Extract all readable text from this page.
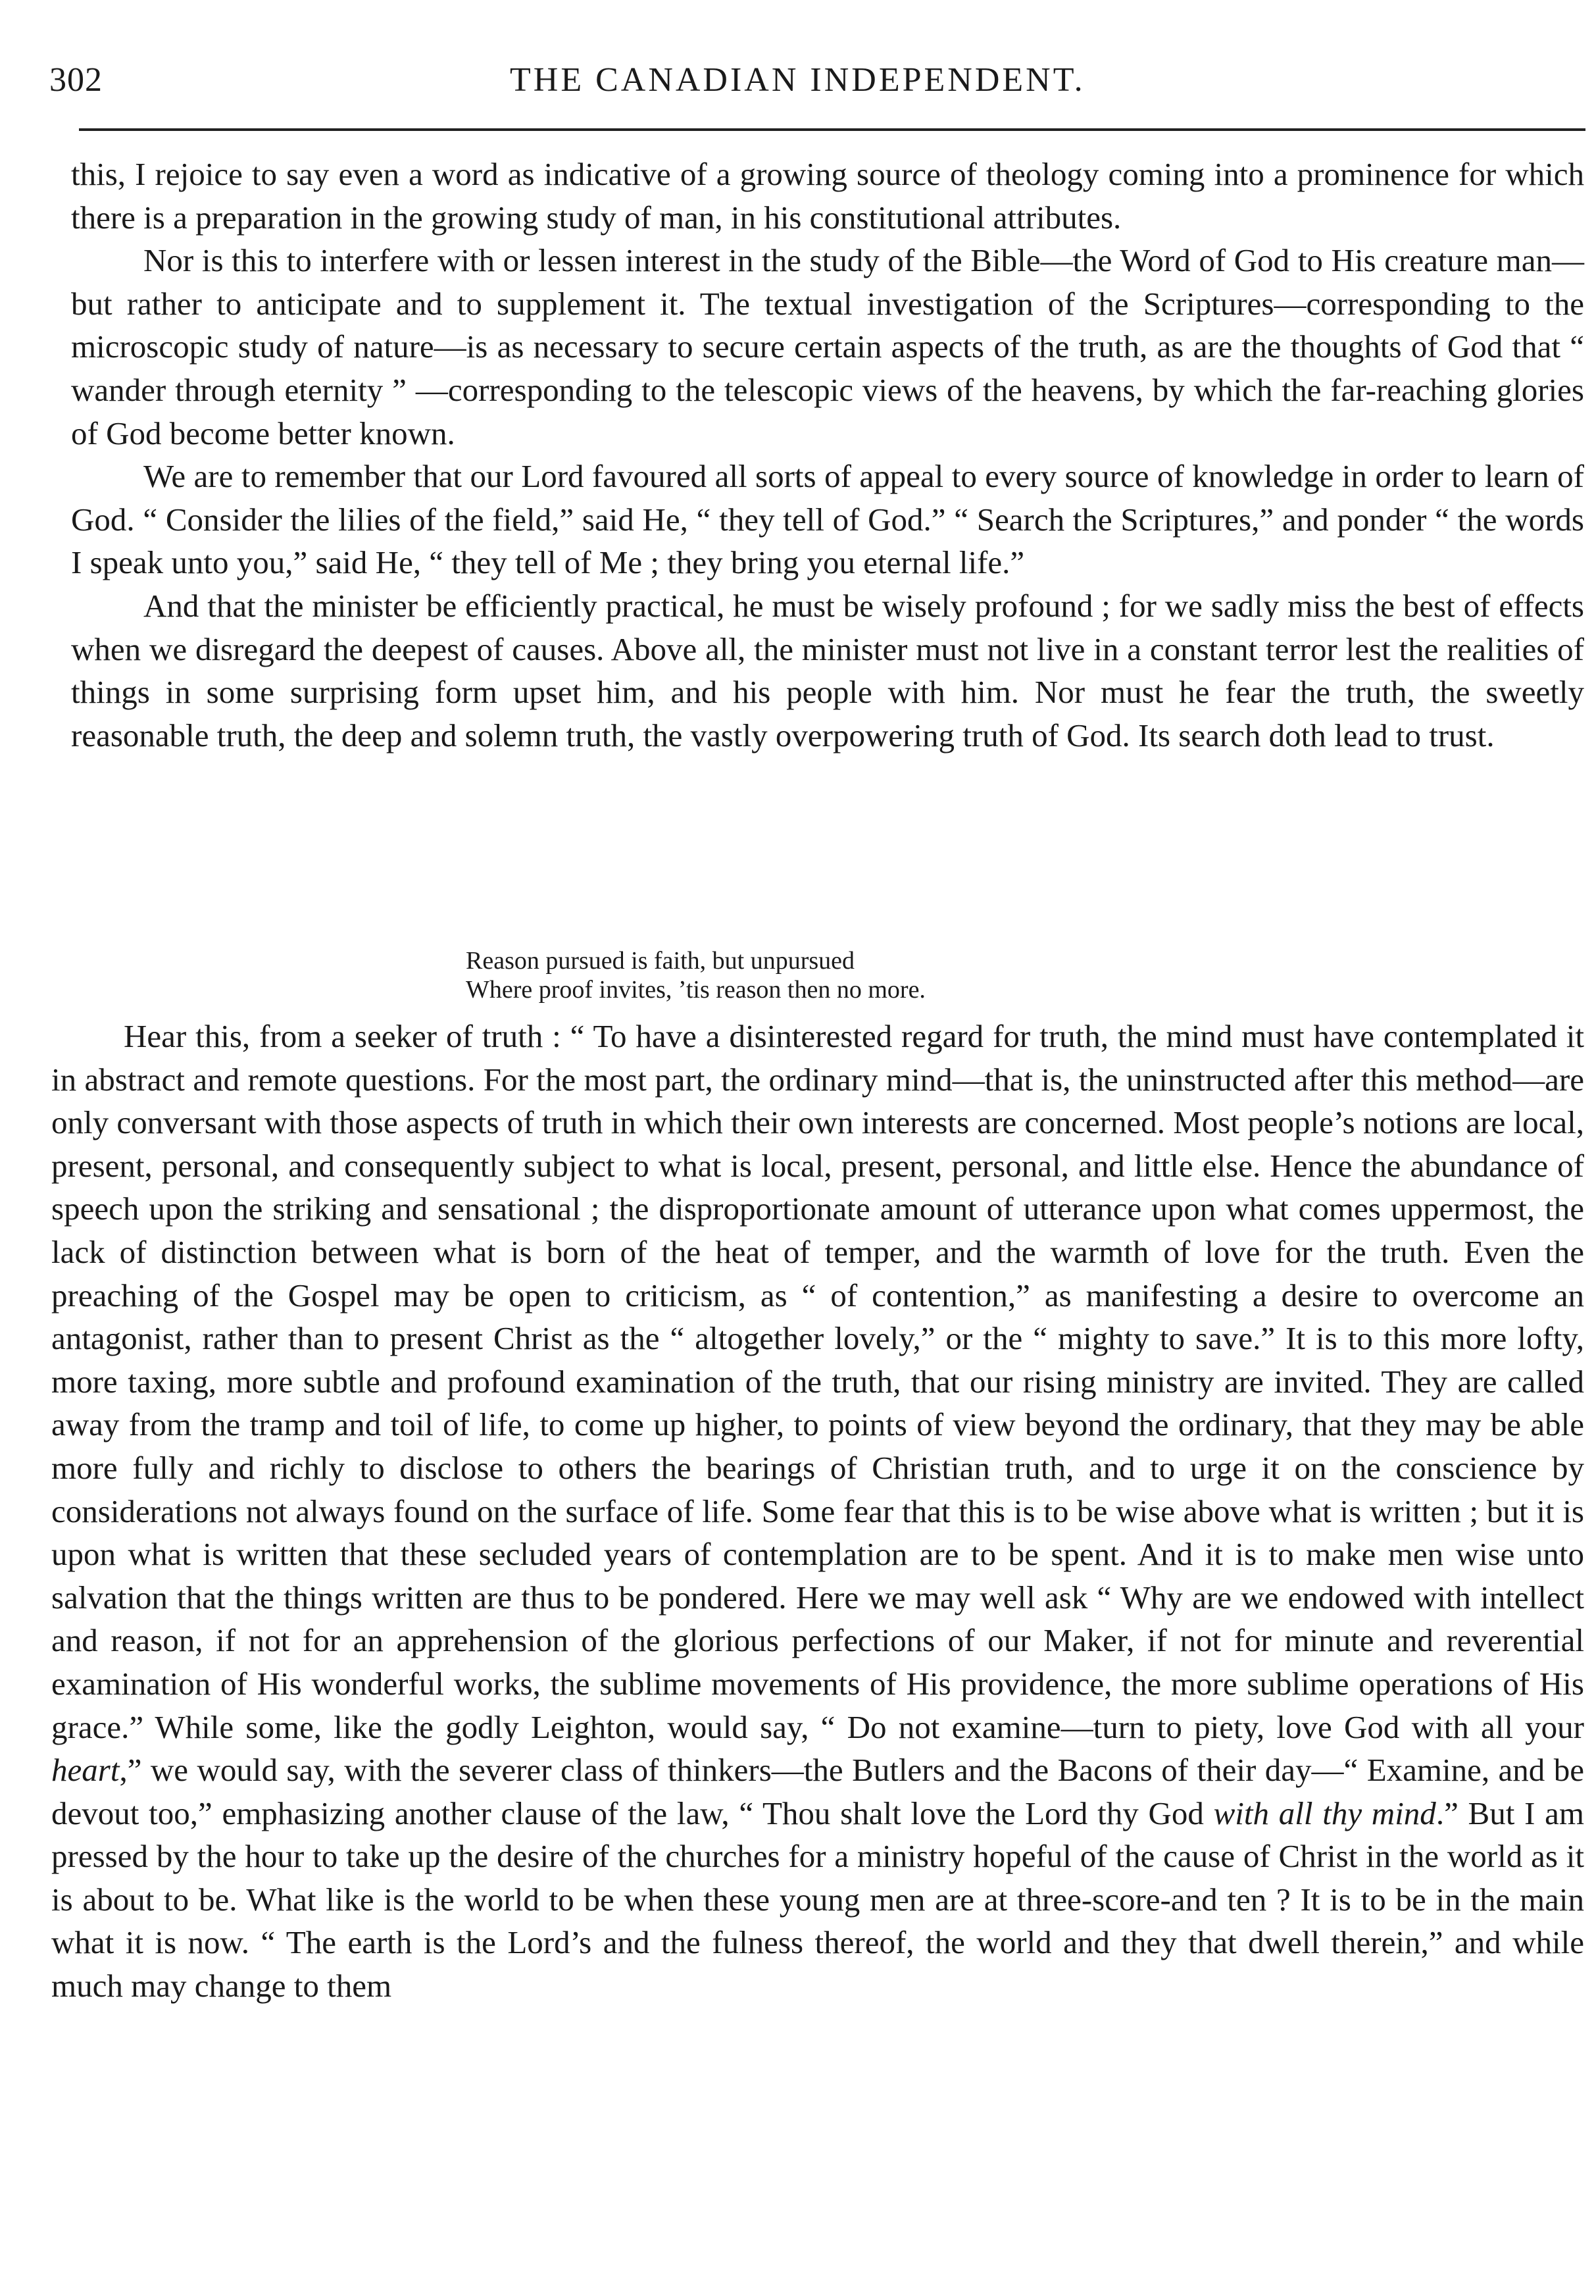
302	THE CANADIAN INDEPENDENT.

this, I rejoice to say even a word as indicative of a growing source of theology coming into a prominence for which there is a preparation in the growing study of man, in his constitutional attributes.

Nor is this to interfere with or lessen interest in the study of the Bible—the Word of God to His creature man—but rather to anticipate and to supplement it. The textual investigation of the Scriptures—corresponding to the microscopic study of nature—is as necessary to secure certain aspects of the truth, as are the thoughts of God that “ wander through eternity ” —corresponding to the telescopic views of the heavens, by which the far-reaching glories of God become better known.

We are to remember that our Lord favoured all sorts of appeal to every source of knowledge in order to learn of God. “ Consider the lilies of the field,” said He, “ they tell of God.” “ Search the Scriptures,” and ponder “ the words I speak unto you,” said He, “ they tell of Me ; they bring you eternal life.”

And that the minister be efficiently practical, he must be wisely profound ; for we sadly miss the best of effects when we disregard the deepest of causes. Above all, the minister must not live in a constant terror lest the realities of things in some surprising form upset him, and his people with him. Nor must he fear the truth, the sweetly reasonable truth, the deep and solemn truth, the vastly overpowering truth of God. Its search doth lead to trust.

Reason pursued is faith, but unpursued
Where proof invites, ’tis reason then no more.

Hear this, from a seeker of truth : “ To have a disinterested regard for truth, the mind must have contemplated it in abstract and remote questions. For the most part, the ordinary mind—that is, the uninstructed after this method—are only conversant with those aspects of truth in which their own interests are concerned. Most people’s notions are local, present, personal, and consequently subject to what is local, present, personal, and little else. Hence the abundance of speech upon the striking and sensational ; the disproportionate amount of utterance upon what comes uppermost, the lack of distinction between what is born of the heat of temper, and the warmth of love for the truth. Even the preaching of the Gospel may be open to criticism, as “ of contention,” as manifesting a desire to overcome an antagonist, rather than to present Christ as the “ altogether lovely,” or the “ mighty to save.” It is to this more lofty, more taxing, more subtle and profound examination of the truth, that our rising ministry are invited. They are called away from the tramp and toil of life, to come up higher, to points of view beyond the ordinary, that they may be able more fully and richly to disclose to others the bearings of Christian truth, and to urge it on the conscience by considerations not always found on the surface of life. Some fear that this is to be wise above what is written ; but it is upon what is written that these secluded years of contemplation are to be spent. And it is to make men wise unto salvation that the things written are thus to be pondered. Here we may well ask “ Why are we endowed with intellect and reason, if not for an apprehension of the glorious perfections of our Maker, if not for minute and reverential examination of His wonderful works, the sublime movements of His providence, the more sublime operations of His grace.” While some, like the godly Leighton, would say, “ Do not examine—turn to piety, love God with all your heart,” we would say, with the severer class of thinkers—the Butlers and the Bacons of their day—“ Examine, and be devout too,” emphasizing another clause of the law, “ Thou shalt love the Lord thy God with all thy mind.” But I am pressed by the hour to take up the desire of the churches for a ministry hopeful of the cause of Christ in the world as it is about to be. What like is the world to be when these young men are at three-score-and ten ? It is to be in the main what it is now. “ The earth is the Lord’s and the fulness thereof, the world and they that dwell therein,” and while much may change to them
